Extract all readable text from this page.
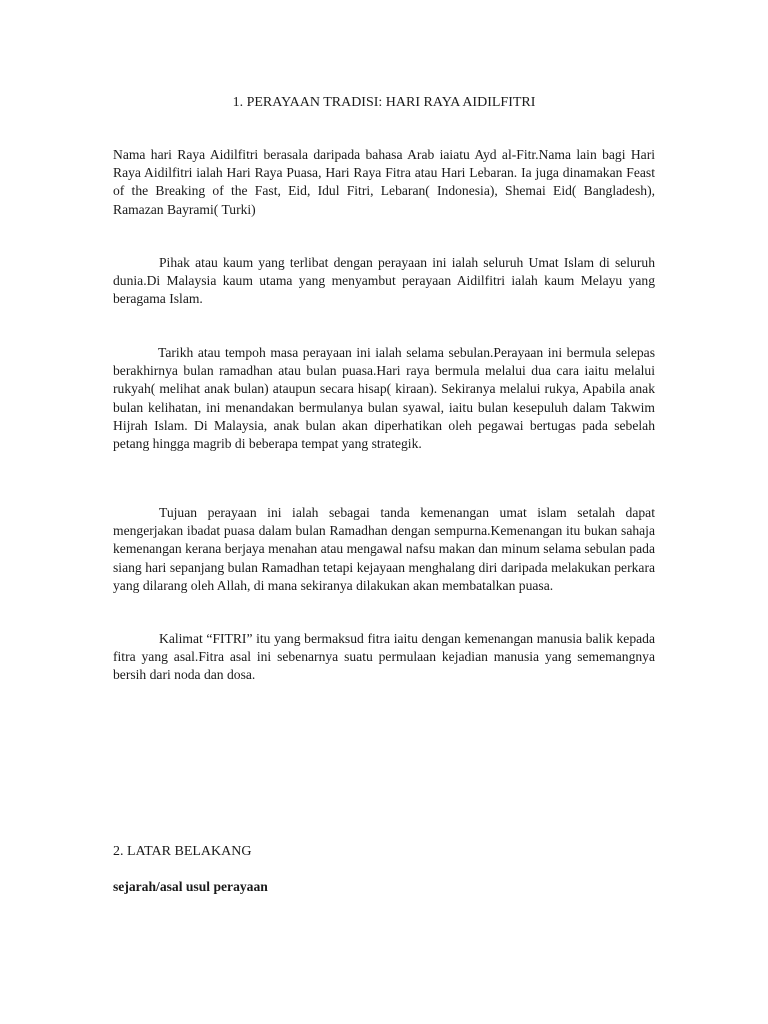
1. PERAYAAN TRADISI: HARI RAYA AIDILFITRI

Nama hari Raya Aidilfitri berasala daripada bahasa Arab iaiatu Ayd al-Fitr.Nama lain bagi Hari Raya Aidilfitri ialah Hari Raya Puasa, Hari Raya Fitra atau Hari Lebaran. Ia juga dinamakan Feast of the Breaking of the Fast, Eid, Idul Fitri, Lebaran( Indonesia), Shemai Eid( Bangladesh), Ramazan Bayrami( Turki)

Pihak atau kaum yang terlibat dengan perayaan ini ialah seluruh Umat Islam di seluruh dunia.Di Malaysia kaum utama yang menyambut perayaan Aidilfitri ialah kaum Melayu yang beragama Islam.

Tarikh atau tempoh masa perayaan ini ialah selama sebulan.Perayaan ini bermula selepas berakhirnya bulan ramadhan atau bulan puasa.Hari raya bermula melalui dua cara iaitu melalui rukyah( melihat anak bulan) ataupun secara hisap( kiraan). Sekiranya melalui rukya, Apabila anak bulan kelihatan, ini menandakan bermulanya bulan syawal, iaitu bulan kesepuluh dalam Takwim Hijrah Islam. Di Malaysia, anak bulan akan diperhatikan oleh pegawai bertugas pada sebelah petang hingga magrib di beberapa tempat yang strategik.

Tujuan perayaan ini ialah sebagai tanda kemenangan umat islam setalah dapat mengerjakan ibadat puasa dalam bulan Ramadhan dengan sempurna.Kemenangan itu bukan sahaja kemenangan kerana berjaya menahan atau mengawal nafsu makan dan minum selama sebulan pada siang hari sepanjang bulan Ramadhan tetapi kejayaan menghalang diri daripada melakukan perkara yang dilarang oleh Allah, di mana sekiranya dilakukan akan membatalkan puasa.

Kalimat “FITRI” itu yang bermaksud fitra iaitu dengan kemenangan manusia balik kepada fitra yang asal.Fitra asal ini sebenarnya suatu permulaan kejadian manusia yang sememangnya bersih dari noda dan dosa.

2. LATAR BELAKANG

sejarah/asal usul perayaan
